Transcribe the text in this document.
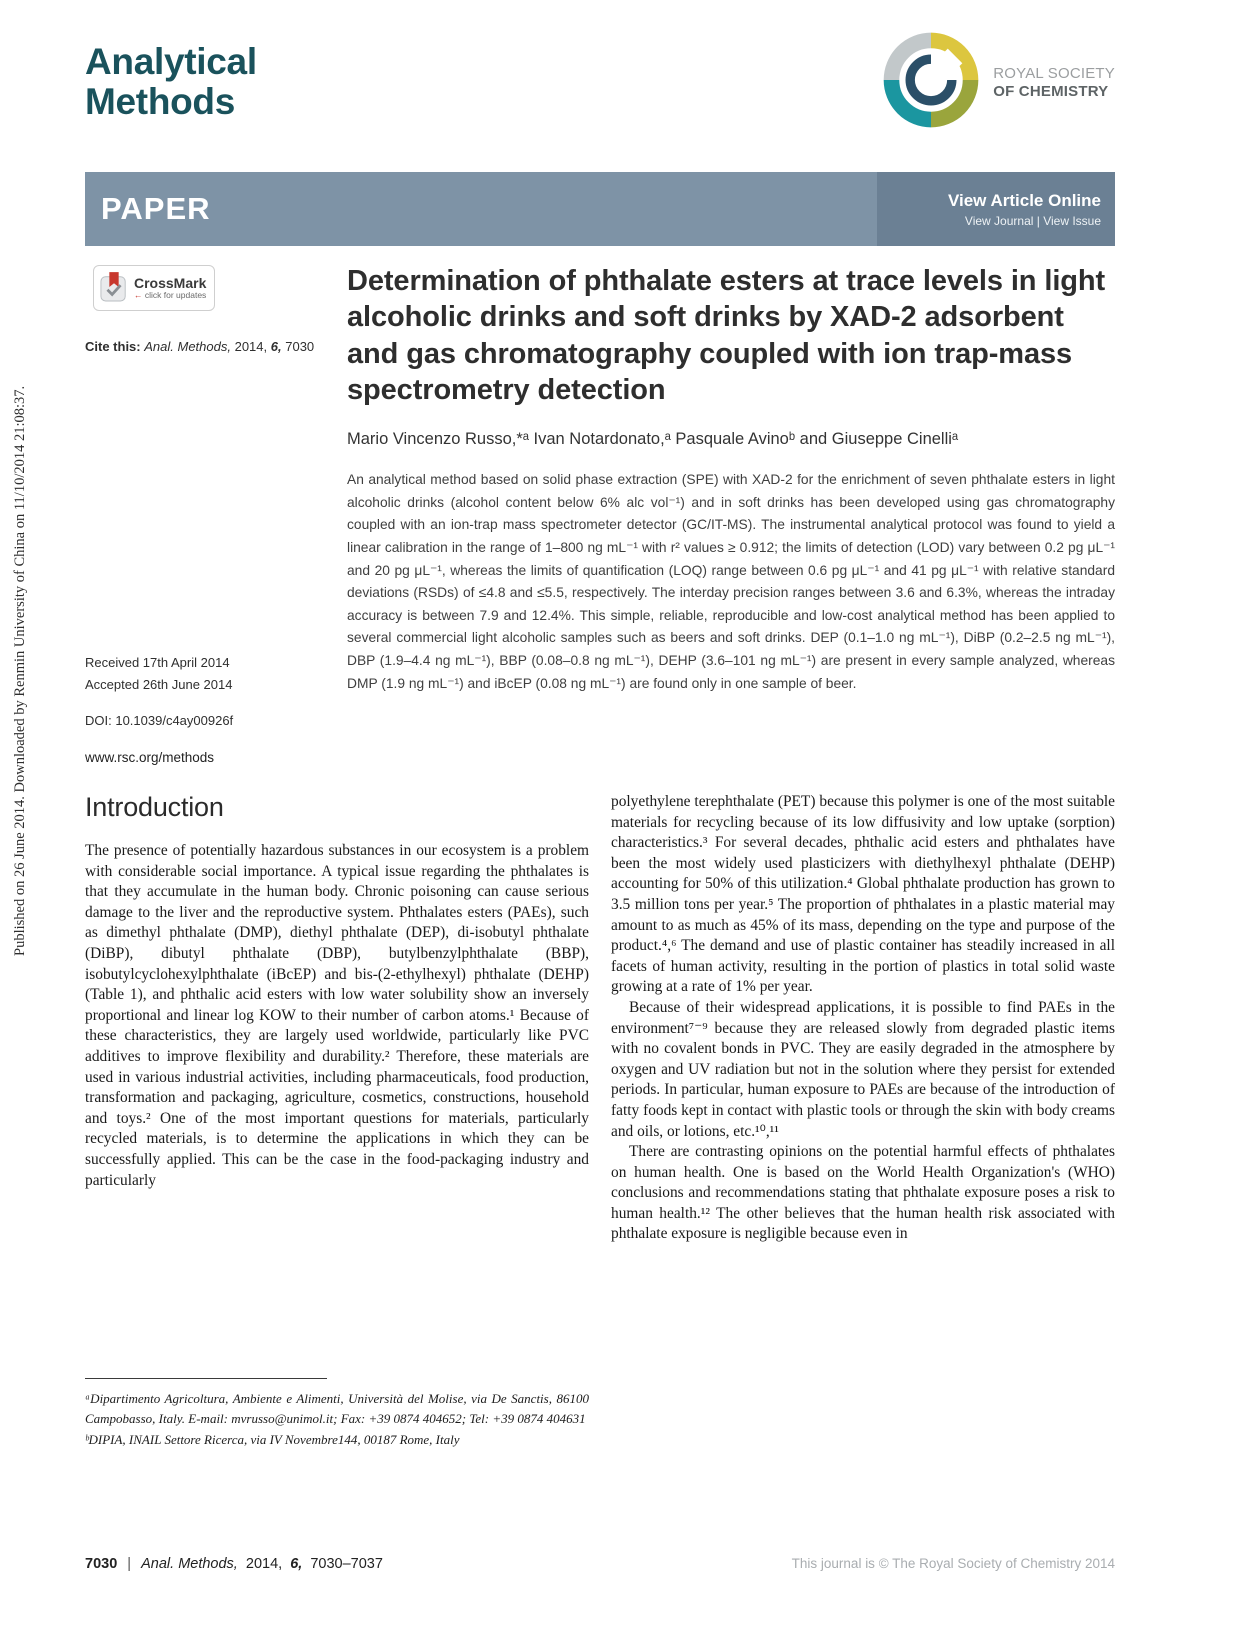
Published on 26 June 2014. Downloaded by Renmin University of China on 11/10/2014 21:08:37.
Analytical
Methods
ROYAL SOCIETY
OF CHEMISTRY
PAPER	View Article Online
View Journal | View Issue
CrossMark
← click for updates
Cite this: Anal. Methods, 2014, 6, 7030
Received 17th April 2014
Accepted 26th June 2014
DOI: 10.1039/c4ay00926f
www.rsc.org/methods
Determination of phthalate esters at trace levels in light alcoholic drinks and soft drinks by XAD-2 adsorbent and gas chromatography coupled with ion trap-mass spectrometry detection
Mario Vincenzo Russo,*ᵃ Ivan Notardonato,ᵃ Pasquale Avinoᵇ and Giuseppe Cinelliᵃ

An analytical method based on solid phase extraction (SPE) with XAD-2 for the enrichment of seven phthalate esters in light alcoholic drinks (alcohol content below 6% alc vol⁻¹) and in soft drinks has been developed using gas chromatography coupled with an ion-trap mass spectrometer detector (GC/IT-MS). The instrumental analytical protocol was found to yield a linear calibration in the range of 1–800 ng mL⁻¹ with r² values ≥ 0.912; the limits of detection (LOD) vary between 0.2 pg μL⁻¹ and 20 pg μL⁻¹, whereas the limits of quantification (LOQ) range between 0.6 pg μL⁻¹ and 41 pg μL⁻¹ with relative standard deviations (RSDs) of ≤4.8 and ≤5.5, respectively. The interday precision ranges between 3.6 and 6.3%, whereas the intraday accuracy is between 7.9 and 12.4%. This simple, reliable, reproducible and low-cost analytical method has been applied to several commercial light alcoholic samples such as beers and soft drinks. DEP (0.1–1.0 ng mL⁻¹), DiBP (0.2–2.5 ng mL⁻¹), DBP (1.9–4.4 ng mL⁻¹), BBP (0.08–0.8 ng mL⁻¹), DEHP (3.6–101 ng mL⁻¹) are present in every sample analyzed, whereas DMP (1.9 ng mL⁻¹) and iBcEP (0.08 ng mL⁻¹) are found only in one sample of beer.

Introduction

The presence of potentially hazardous substances in our ecosystem is a problem with considerable social importance. A typical issue regarding the phthalates is that they accumulate in the human body. Chronic poisoning can cause serious damage to the liver and the reproductive system. Phthalates esters (PAEs), such as dimethyl phthalate (DMP), diethyl phthalate (DEP), di-isobutyl phthalate (DiBP), dibutyl phthalate (DBP), butylbenzylphthalate (BBP), isobutylcyclohexylphthalate (iBcEP) and bis-(2-ethylhexyl) phthalate (DEHP) (Table 1), and phthalic acid esters with low water solubility show an inversely proportional and linear log KOW to their number of carbon atoms.¹ Because of these characteristics, they are largely used worldwide, particularly like PVC additives to improve flexibility and durability.² Therefore, these materials are used in various industrial activities, including pharmaceuticals, food production, transformation and packaging, agriculture, cosmetics, constructions, household and toys.² One of the most important questions for materials, particularly recycled materials, is to determine the applications in which they can be successfully applied. This can be the case in the food-packaging industry and particularly

polyethylene terephthalate (PET) because this polymer is one of the most suitable materials for recycling because of its low diffusivity and low uptake (sorption) characteristics.³ For several decades, phthalic acid esters and phthalates have been the most widely used plasticizers with diethylhexyl phthalate (DEHP) accounting for 50% of this utilization.⁴ Global phthalate production has grown to 3.5 million tons per year.⁵ The proportion of phthalates in a plastic material may amount to as much as 45% of its mass, depending on the type and purpose of the product.⁴,⁶ The demand and use of plastic container has steadily increased in all facets of human activity, resulting in the portion of plastics in total solid waste growing at a rate of 1% per year.

Because of their widespread applications, it is possible to find PAEs in the environment⁷⁻⁹ because they are released slowly from degraded plastic items with no covalent bonds in PVC. They are easily degraded in the atmosphere by oxygen and UV radiation but not in the solution where they persist for extended periods. In particular, human exposure to PAEs are because of the introduction of fatty foods kept in contact with plastic tools or through the skin with body creams and oils, or lotions, etc.¹⁰,¹¹

There are contrasting opinions on the potential harmful effects of phthalates on human health. One is based on the World Health Organization's (WHO) conclusions and recommendations stating that phthalate exposure poses a risk to human health.¹² The other believes that the human health risk associated with phthalate exposure is negligible because even in

ᵃDipartimento Agricoltura, Ambiente e Alimenti, Università del Molise, via De Sanctis, 86100 Campobasso, Italy. E-mail: mvrusso@unimol.it; Fax: +39 0874 404652; Tel: +39 0874 404631

ᵇDIPIA, INAIL Settore Ricerca, via IV Novembre144, 00187 Rome, Italy

7030 | Anal. Methods, 2014, 6, 7030–7037	This journal is © The Royal Society of Chemistry 2014
